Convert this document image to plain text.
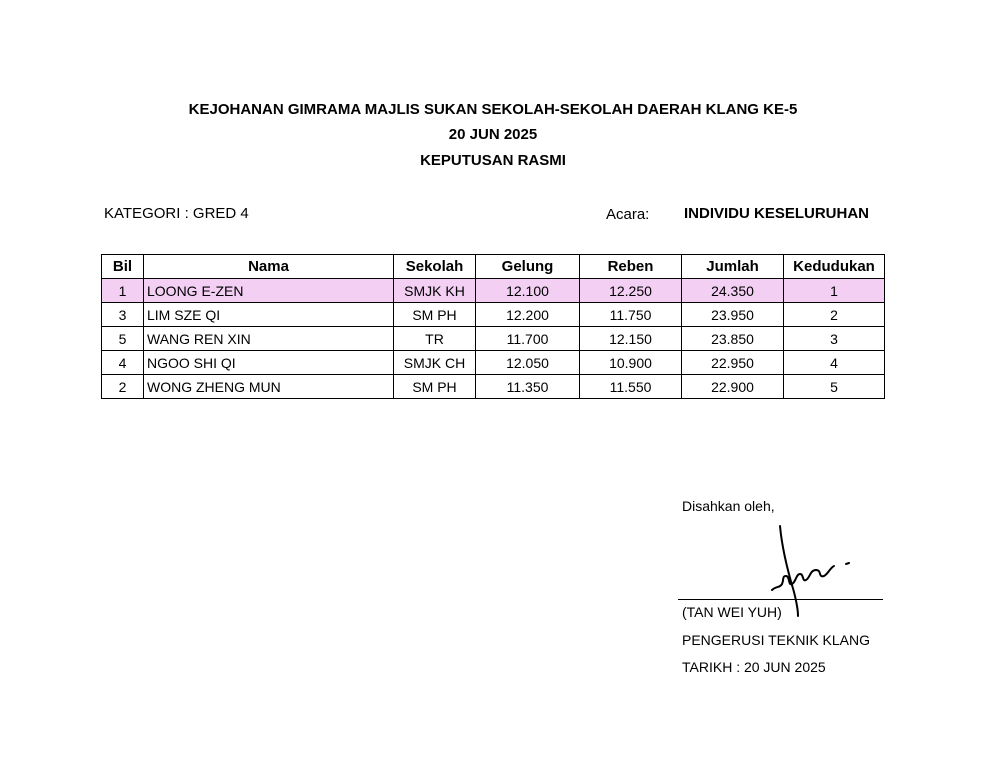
KEJOHANAN GIMRAMA MAJLIS SUKAN SEKOLAH-SEKOLAH DAERAH KLANG KE-5
20 JUN 2025
KEPUTUSAN RASMI
KATEGORI : GRED 4	Acara: INDIVIDU KESELURUHAN
Bil	Nama	Sekolah	Gelung	Reben	Jumlah	Kedudukan
1	LOONG E-ZEN	SMJK KH	12.100	12.250	24.350	1
3	LIM SZE QI	SM PH	12.200	11.750	23.950	2
5	WANG REN XIN	TR	11.700	12.150	23.850	3
4	NGOO SHI QI	SMJK CH	12.050	10.900	22.950	4
2	WONG ZHENG MUN	SM PH	11.350	11.550	22.900	5
Disahkan oleh,
(TAN WEI YUH)
PENGERUSI TEKNIK KLANG
TARIKH : 20 JUN 2025
